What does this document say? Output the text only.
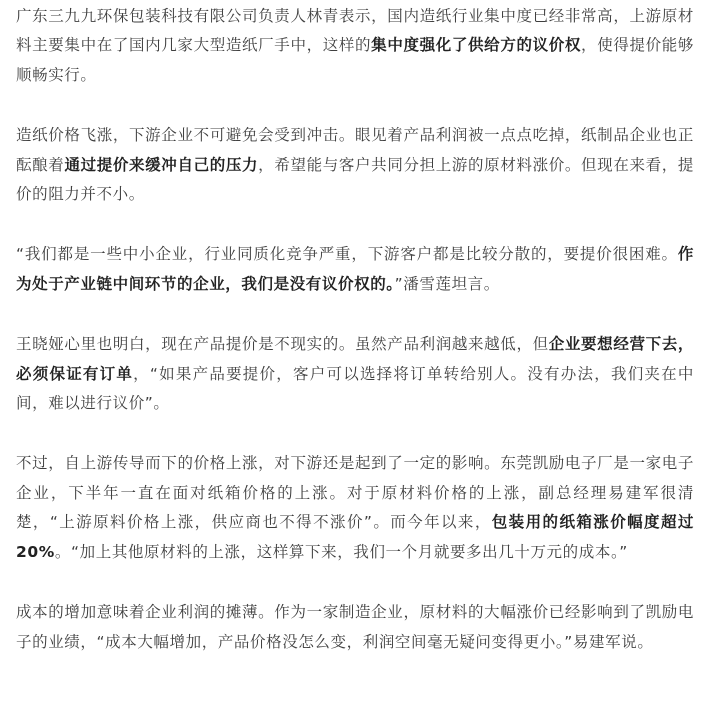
广东三九九环保包装科技有限公司负责人林青表示，国内造纸行业集中度已经非常高，上游原材料主要集中在了国内几家大型造纸厂手中，这样的集中度强化了供给方的议价权，使得提价能够顺畅实行。

造纸价格飞涨，下游企业不可避免会受到冲击。眼见着产品利润被一点点吃掉，纸制品企业也正酝酿着通过提价来缓冲自己的压力，希望能与客户共同分担上游的原材料涨价。但现在来看，提价的阻力并不小。

“我们都是一些中小企业，行业同质化竞争严重，下游客户都是比较分散的，要提价很困难。作为处于产业链中间环节的企业，我们是没有议价权的。”潘雪莲坦言。

王晓娅心里也明白，现在产品提价是不现实的。虽然产品利润越来越低，但企业要想经营下去，必须保证有订单，“如果产品要提价，客户可以选择将订单转给别人。没有办法，我们夹在中间，难以进行议价”。

不过，自上游传导而下的价格上涨，对下游还是起到了一定的影响。东莞凯励电子厂是一家电子企业，下半年一直在面对纸箱价格的上涨。对于原材料价格的上涨，副总经理易建军很清楚，“上游原料价格上涨，供应商也不得不涨价”。而今年以来，包装用的纸箱涨价幅度超过20%。“加上其他原材料的上涨，这样算下来，我们一个月就要多出几十万元的成本。”

成本的增加意味着企业利润的摊薄。作为一家制造企业，原材料的大幅涨价已经影响到了凯励电子的业绩，“成本大幅增加，产品价格没怎么变，利润空间毫无疑问变得更小。”易建军说。
